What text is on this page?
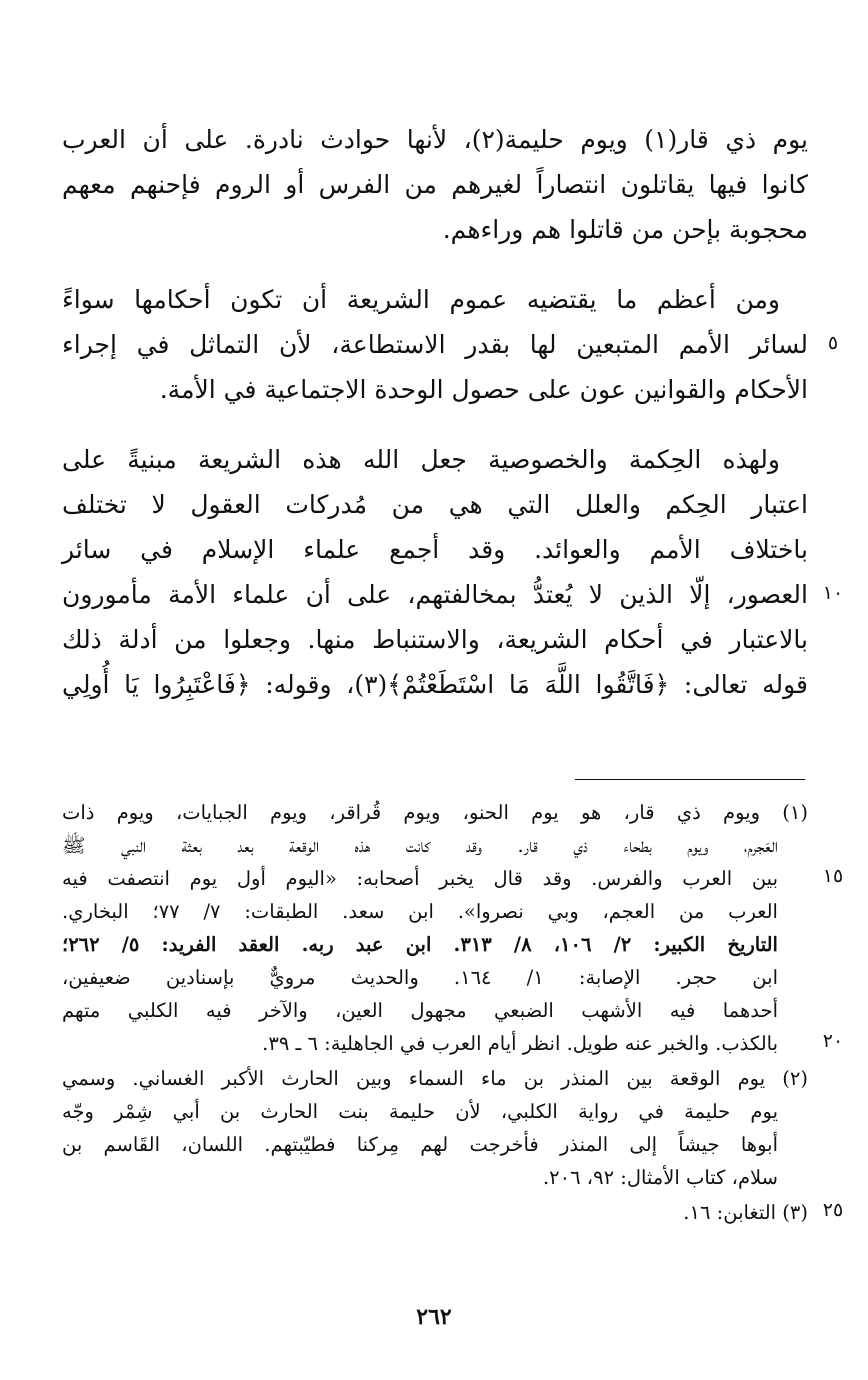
يوم ذي قار(١) ويوم حليمة(٢)، لأنها حوادث نادرة. على أن العرب
كانوا فيها يقاتلون انتصاراً لغيرهم من الفرس أو الروم فإحنهم معهم
محجوبة بإحن من قاتلوا هم وراءهم.
ومن أعظم ما يقتضيه عموم الشريعة أن تكون أحكامها سواءً
لسائر الأمم المتبعين لها بقدر الاستطاعة، لأن التماثل في إجراء
الأحكام والقوانين عون على حصول الوحدة الاجتماعية في الأمة.
ولهذه الحِكمة والخصوصية جعل الله هذه الشريعة مبنيةً على
اعتبار الحِكم والعلل التي هي من مُدركات العقول لا تختلف
باختلاف الأمم والعوائد. وقد أجمع علماء الإسلام في سائر
العصور، إلّا الذين لا يُعتدُّ بمخالفتهم، على أن علماء الأمة مأمورون
بالاعتبار في أحكام الشريعة، والاستنباط منها. وجعلوا من أدلة ذلك
قوله تعالى: ﴿فَاتَّقُوا اللَّهَ مَا اسْتَطَعْتُمْ﴾(٣)، وقوله: ﴿فَاعْتَبِرُوا يَا أُولِي
(١) ويوم ذي قار، هو يوم الحنو، ويوم قُراقر، ويوم الجبايات، ويوم ذات
العَجرم، ويوم بطحاء ذي قار. وقد كانت هذه الوقعة بعد بعثة النبي ﷺ
بين العرب والفرس. وقد قال يخبر أصحابه: «اليوم أول يوم انتصفت فيه
العرب من العجم، وبي نصروا». ابن سعد. الطبقات: ٧/ ٧٧؛ البخاري.
التاريخ الكبير: ٢/ ١٠٦، ٨/ ٣١٣. ابن عبد ربه. العقد الفريد: ٥/ ٢٦٢؛
ابن حجر. الإصابة: ١/ ١٦٤. والحديث مرويٌّ بإسنادين ضعيفين،
أحدهما فيه الأشهب الضبعي مجهول العين، والآخر فيه الكلبي متهم
بالكذب. والخبر عنه طويل. انظر أيام العرب في الجاهلية: ٦ ـ ٣٩.
(٢) يوم الوقعة بين المنذر بن ماء السماء وبين الحارث الأكبر الغساني. وسمي
يوم حليمة في رواية الكلبي، لأن حليمة بنت الحارث بن أبي شِمْر وجّه
أبوها جيشاً إلى المنذر فأخرجت لهم مِركنا فطيّبتهم. اللسان، القَاسم بن
سلام، كتاب الأمثال: ٩٢، ٢٠٦.
(٣) التغابن: ١٦.
٥
١٠
١٥
٢٠
٢٥
٢٦٢
